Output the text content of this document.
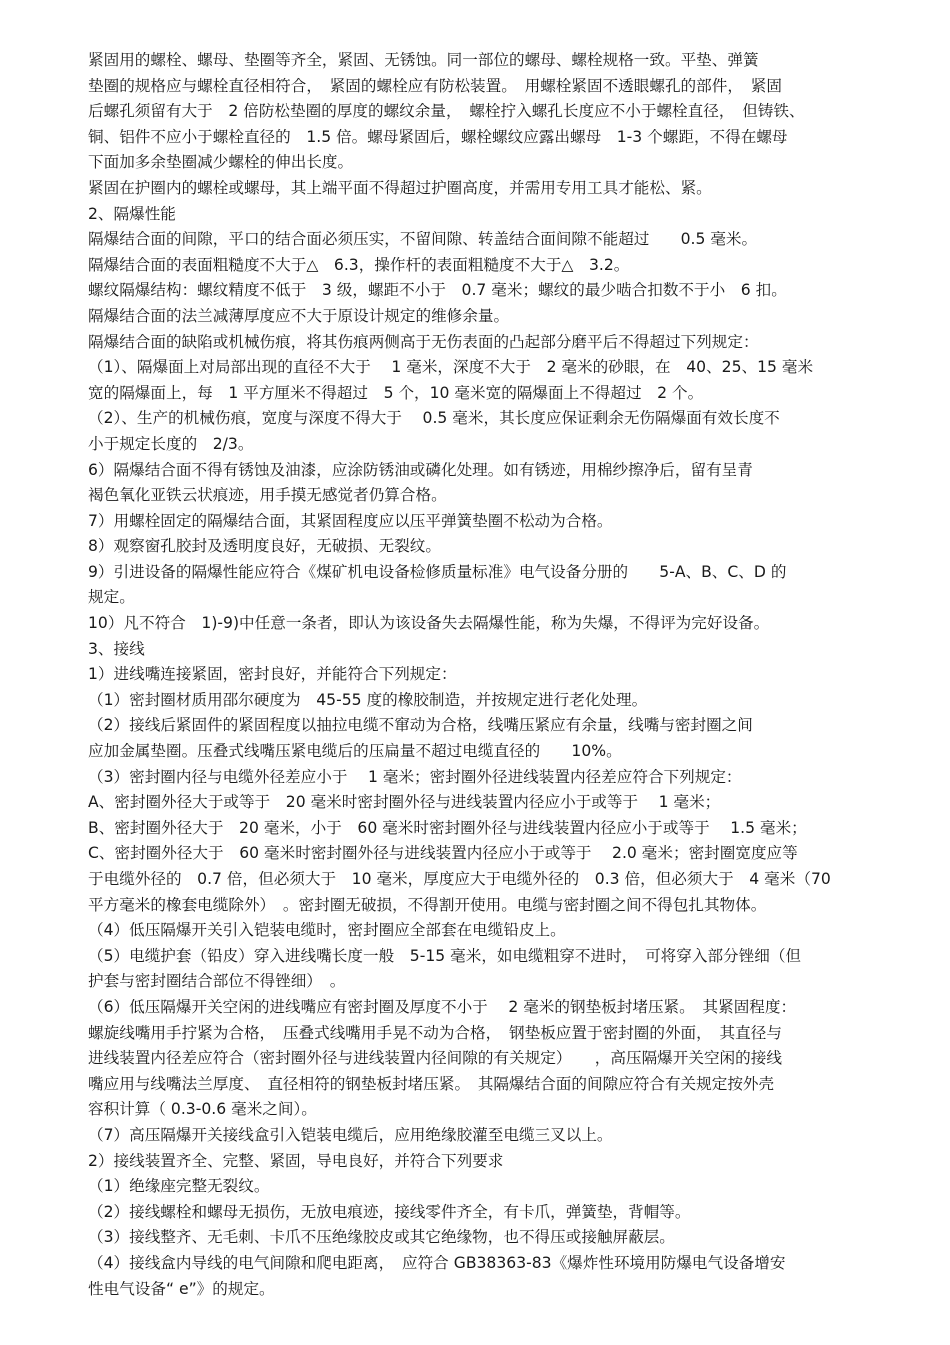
紧固用的螺栓、螺母、垫圈等齐全，紧固、无锈蚀。同一部位的螺母、螺栓规格一致。平垫、弹簧

垫圈的规格应与螺栓直径相符合，　紧固的螺栓应有防松装置。　用螺栓紧固不透眼螺孔的部件，　紧固

后螺孔须留有大于　2 倍防松垫圈的厚度的螺纹余量，　螺栓拧入螺孔长度应不小于螺栓直径，　但铸铁、

铜、铝件不应小于螺栓直径的　1.5 倍。螺母紧固后，螺栓螺纹应露出螺母　1-3 个螺距，不得在螺母

下面加多余垫圈减少螺栓的伸出长度。

紧固在护圈内的螺栓或螺母，其上端平面不得超过护圈高度，并需用专用工具才能松、紧。

2、隔爆性能

隔爆结合面的间隙，平口的结合面必须压实，不留间隙、转盖结合面间隙不能超过　　0.5 毫米。

隔爆结合面的表面粗糙度不大于△　6.3，操作杆的表面粗糙度不大于△　3.2。

螺纹隔爆结构：螺纹精度不低于　3 级，螺距不小于　0.7 毫米；螺纹的最少啮合扣数不于小　6 扣。

隔爆结合面的法兰减薄厚度应不大于原设计规定的维修余量。

隔爆结合面的缺陷或机械伤痕，将其伤痕两侧高于无伤表面的凸起部分磨平后不得超过下列规定：

（1）、隔爆面上对局部出现的直径不大于　 1 毫米，深度不大于　2 毫米的砂眼，在　40、25、15 毫米

宽的隔爆面上，每　1 平方厘米不得超过　5 个，10 毫米宽的隔爆面上不得超过　2 个。

（2）、生产的机械伤痕，宽度与深度不得大于　 0.5 毫米，其长度应保证剩余无伤隔爆面有效长度不

小于规定长度的　2/3。

6）隔爆结合面不得有锈蚀及油漆，应涂防锈油或磷化处理。如有锈迹，用棉纱擦净后，留有呈青

褐色氧化亚铁云状痕迹，用手摸无感觉者仍算合格。

7）用螺栓固定的隔爆结合面，其紧固程度应以压平弹簧垫圈不松动为合格。

8）观察窗孔胶封及透明度良好，无破损、无裂纹。

9）引进设备的隔爆性能应符合《煤矿机电设备检修质量标准》电气设备分册的　　5-A、B、C、D 的

规定。

10）凡不符合　1)-9)中任意一条者，即认为该设备失去隔爆性能，称为失爆，不得评为完好设备。

3、接线

1）进线嘴连接紧固，密封良好，并能符合下列规定：

（1）密封圈材质用邵尔硬度为　45-55 度的橡胶制造，并按规定进行老化处理。

（2）接线后紧固件的紧固程度以抽拉电缆不窜动为合格，线嘴压紧应有余量，线嘴与密封圈之间

应加金属垫圈。压叠式线嘴压紧电缆后的压扁量不超过电缆直径的　　10%。

（3）密封圈内径与电缆外径差应小于　 1 毫米；密封圈外径进线装置内径差应符合下列规定：

A、密封圈外径大于或等于　20 毫米时密封圈外径与进线装置内径应小于或等于　 1 毫米；

B、密封圈外径大于　20 毫米，小于　60 毫米时密封圈外径与进线装置内径应小于或等于　 1.5 毫米；

C、密封圈外径大于　60 毫米时密封圈外径与进线装置内径应小于或等于　 2.0 毫米；密封圈宽度应等

于电缆外径的　0.7 倍，但必须大于　10 毫米，厚度应大于电缆外径的　0.3 倍，但必须大于　4 毫米（70

平方毫米的橡套电缆除外）　。密封圈无破损，不得割开使用。电缆与密封圈之间不得包扎其物体。

（4）低压隔爆开关引入铠装电缆时，密封圈应全部套在电缆铅皮上。

（5）电缆护套（铅皮）穿入进线嘴长度一般　5-15 毫米，如电缆粗穿不进时，　可将穿入部分锉细（但

护套与密封圈结合部位不得锉细）　。

（6）低压隔爆开关空闲的进线嘴应有密封圈及厚度不小于　 2 毫米的钢垫板封堵压紧。　其紧固程度：

螺旋线嘴用手拧紧为合格，　压叠式线嘴用手晃不动为合格，　钢垫板应置于密封圈的外面，　其直径与

进线装置内径差应符合（密封圈外径与进线装置内径间隙的有关规定）　　，高压隔爆开关空闲的接线

嘴应用与线嘴法兰厚度、　直径相符的钢垫板封堵压紧。　其隔爆结合面的间隙应符合有关规定按外壳

容积计算（ 0.3-0.6 毫米之间）。

（7）高压隔爆开关接线盒引入铠装电缆后，应用绝缘胶灌至电缆三叉以上。

2）接线装置齐全、完整、紧固，导电良好，并符合下列要求

（1）绝缘座完整无裂纹。

（2）接线螺栓和螺母无损伤，无放电痕迹，接线零件齐全，有卡爪，弹簧垫，背帽等。

（3）接线整齐、无毛刺、卡爪不压绝缘胶皮或其它绝缘物，也不得压或接触屏蔽层。

（4）接线盒内导线的电气间隙和爬电距离，　应符合 GB38363-83《爆炸性环境用防爆电气设备增安

性电气设备“ e”》的规定。
